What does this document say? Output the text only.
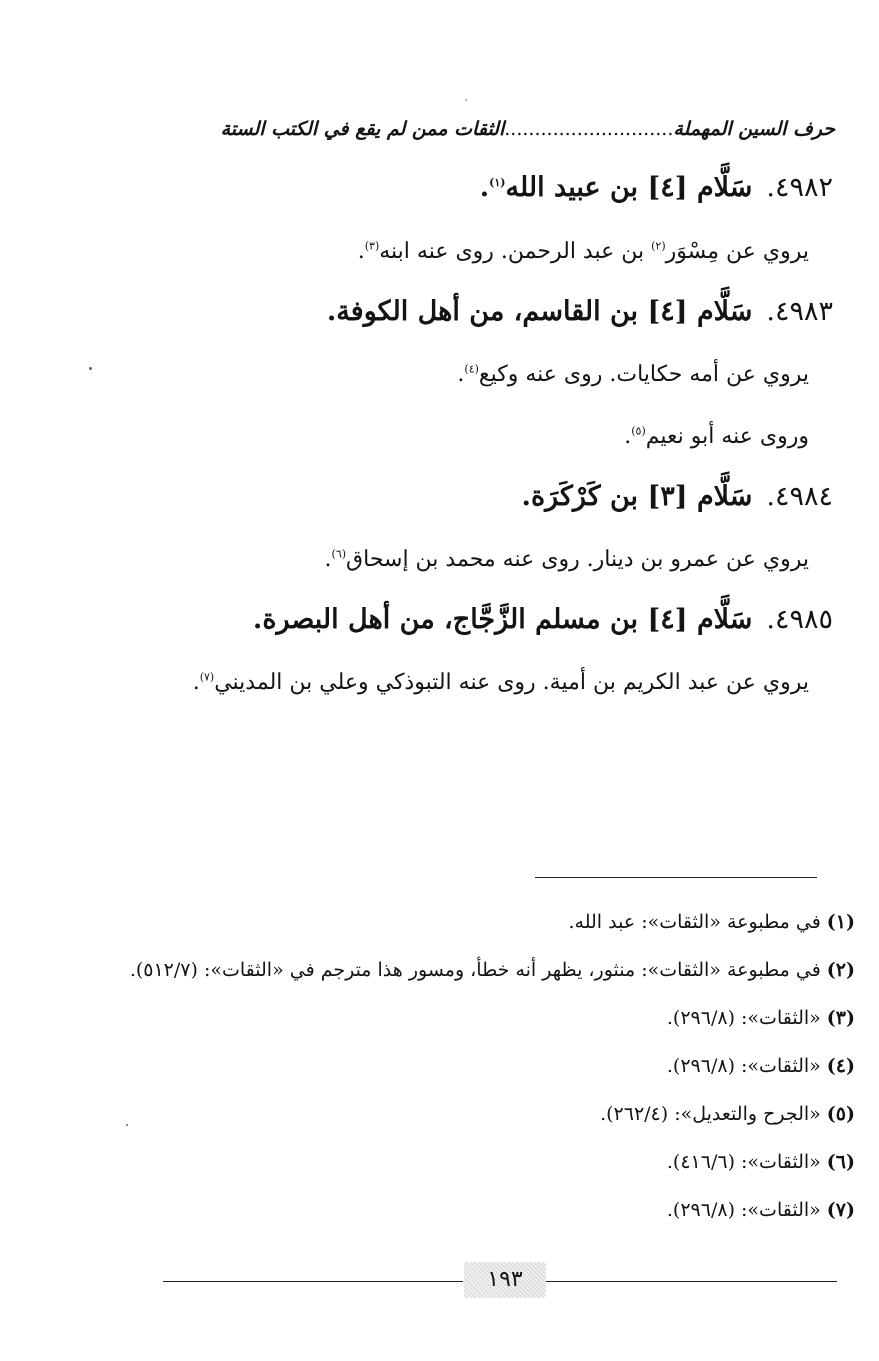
حرف السين المهملة............................الثقات ممن لم يقع في الكتب الستة
٤٩٨٢.سَلَّام [٤] بن عبيد الله$^{(١)}$.
يروي عن مِسْوَر$^{(٢)}$ بن عبد الرحمن. روى عنه ابنه$^{(٣)}$.
٤٩٨٣.سَلَّام [٤] بن القاسم، من أهل الكوفة.
يروي عن أمه حكايات. روى عنه وكيع$^{(٤)}$.
وروى عنه أبو نعيم$^{(٥)}$.
٤٩٨٤.سَلَّام [٣] بن كَرْكَرَة.
يروي عن عمرو بن دينار. روى عنه محمد بن إسحاق$^{(٦)}$.
٤٩٨٥.سَلَّام [٤] بن مسلم الزَّجَّاج، من أهل البصرة.
يروي عن عبد الكريم بن أمية. روى عنه التبوذكي وعلي بن المديني$^{(٧)}$.
(١)في مطبوعة «الثقات»: عبد الله.
(٢)في مطبوعة «الثقات»: منثور، يظهر أنه خطأ، ومسور هذا مترجم في «الثقات»: (٥١٢/٧).
(٣)«الثقات»: (٢٩٦/٨).
(٤)«الثقات»: (٢٩٦/٨).
(٥)«الجرح والتعديل»: (٢٦٢/٤).
(٦)«الثقات»: (٤١٦/٦).
(٧)«الثقات»: (٢٩٦/٨).
١٩٣
